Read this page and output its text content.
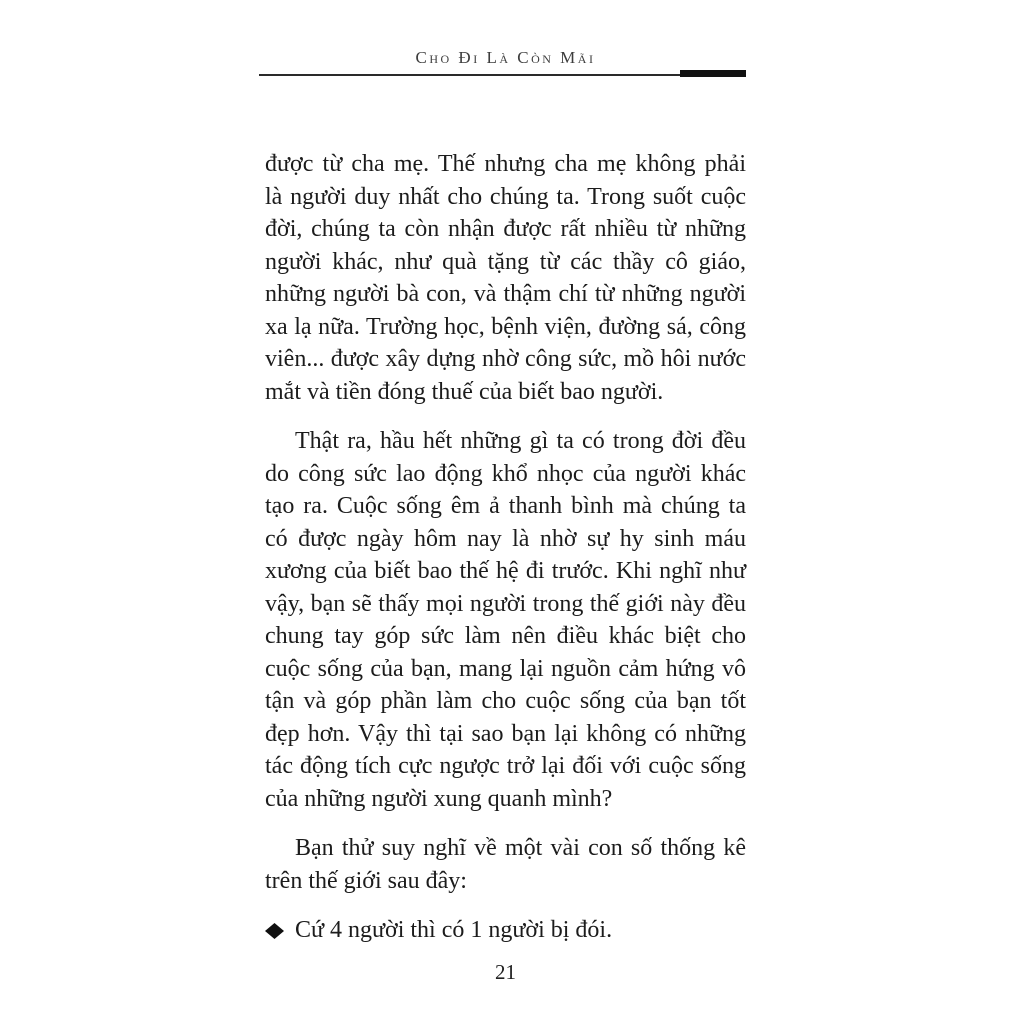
Cho Đi Là Còn Mãi
được từ cha mẹ. Thế nhưng cha mẹ không phải
là người duy nhất cho chúng ta. Trong suốt cuộc
đời, chúng ta còn nhận được rất nhiều từ những
người khác, như quà tặng từ các thầy cô giáo,
những người bà con, và thậm chí từ những người
xa lạ nữa. Trường học, bệnh viện, đường sá, công
viên... được xây dựng nhờ công sức, mồ hôi nước
mắt và tiền đóng thuế của biết bao người.
Thật ra, hầu hết những gì ta có trong đời đều
do công sức lao động khổ nhọc của người khác
tạo ra. Cuộc sống êm ả thanh bình mà chúng ta
có được ngày hôm nay là nhờ sự hy sinh máu
xương của biết bao thế hệ đi trước. Khi nghĩ như
vậy, bạn sẽ thấy mọi người trong thế giới này đều
chung tay góp sức làm nên điều khác biệt cho
cuộc sống của bạn, mang lại nguồn cảm hứng vô
tận và góp phần làm cho cuộc sống của bạn tốt
đẹp hơn. Vậy thì tại sao bạn lại không có những
tác động tích cực ngược trở lại đối với cuộc sống
của những người xung quanh mình?
Bạn thử suy nghĩ về một vài con số thống kê
trên thế giới sau đây:
Cứ 4 người thì có 1 người bị đói.
21
